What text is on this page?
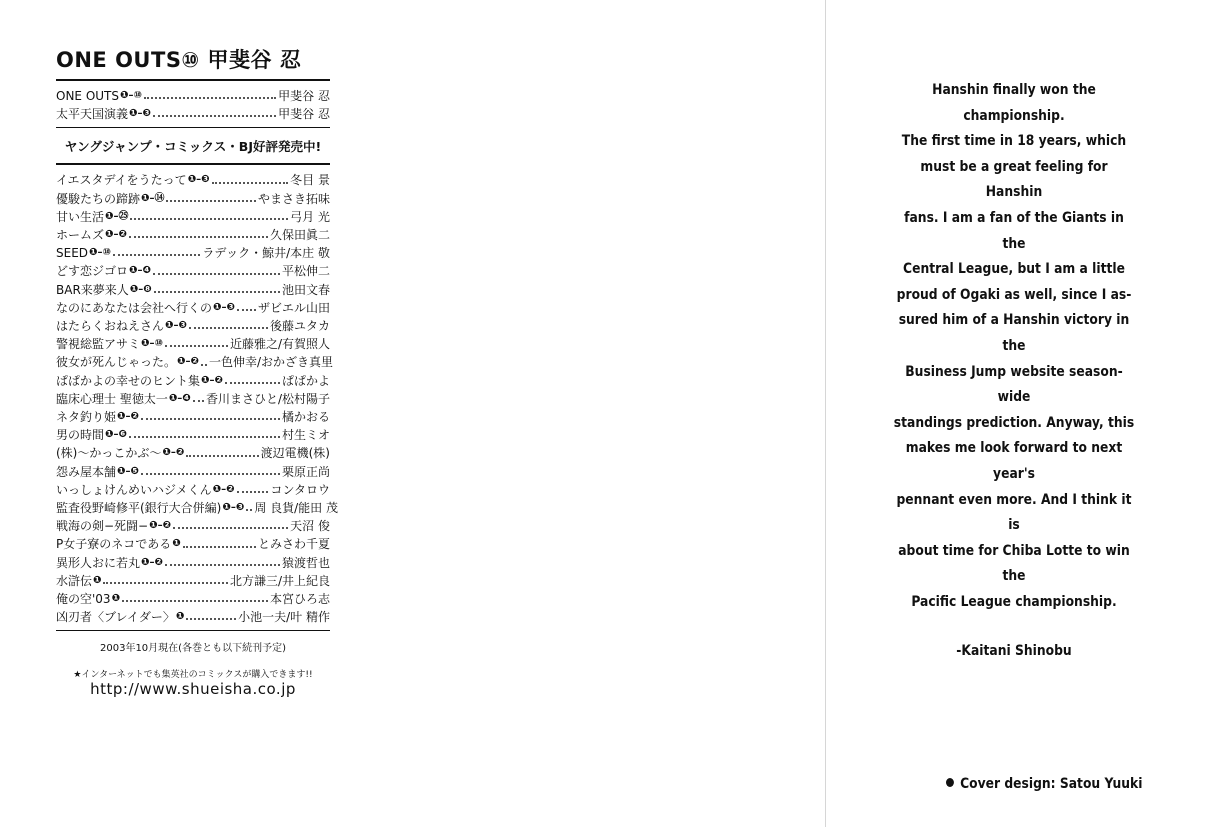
ONE OUTS⑩ 甲斐谷 忍
ONE OUTS ❶–⑩	甲斐谷 忍
太平天国演義 ❶–❸	甲斐谷 忍
ヤングジャンプ・コミックス・BJ好評発売中!
イエスタデイをうたって ❶–❸	冬目 景
優駿たちの蹄跡 ❶–⑭	やまさき拓味
甘い生活 ❶–㉕	弓月 光
ホームズ ❶–❷	久保田眞二
SEED ❶–⑩	ラデック・鯨井/本庄 敬
どす恋ジゴロ ❶–❹	平松伸二
BAR来夢来人 ❶–❽	池田文春
なのにあなたは会社へ行くの ❶–❸ ザビエル山田
はたらくおねえさん ❶–❸	後藤ユタカ
警視総監アサミ ❶–⑩	近藤雅之/有賀照人
彼女が死んじゃった。 ❶–❷ 一色伸幸/おかざき真里
ぱぱかよの幸せのヒント集 ❶–❷	ぱぱかよ
臨床心理士 聖徳太一 ❶–❹ 香川まさひと/松村陽子
ネタ釣り姫 ❶–❷	橘かおる
男の時間 ❶–❻	村生ミオ
(株)〜かっこかぶ〜 ❶–❷	渡辺電機(株)
怨み屋本舗 ❶–❺	栗原正尚
いっしょけんめいハジメくん ❶–❷	コンタロウ
監査役野崎修平(銀行大合併編) ❶–❸ 周 良貨/能田 茂
戦海の剣−死闘− ❶–❷	天沼 俊
P女子寮のネコである ❶	とみさわ千夏
異形人おに若丸 ❶–❷	猿渡哲也
水滸伝 ❶	北方謙三/井上紀良
俺の空'03 ❶	本宮ひろ志
凶刃者〈ブレイダー〉 ❶	小池一夫/叶 精作
2003年10月現在(各巻とも以下続刊予定)
★インターネットでも集英社のコミックスが購入できます!!
http://www.shueisha.co.jp

Hanshin finally won the championship.

The first time in 18 years, which

must be a great feeling for Hanshin

fans. I am a fan of the Giants in the

Central League, but I am a little

proud of Ogaki as well, since I as-

sured him of a Hanshin victory in the

Business Jump website season-wide

standings prediction. Anyway, this

makes me look forward to next year's

pennant even more. And I think it is

about time for Chiba Lotte to win the

Pacific League championship.

-Kaitani Shinobu

Cover design: Satou Yuuki
